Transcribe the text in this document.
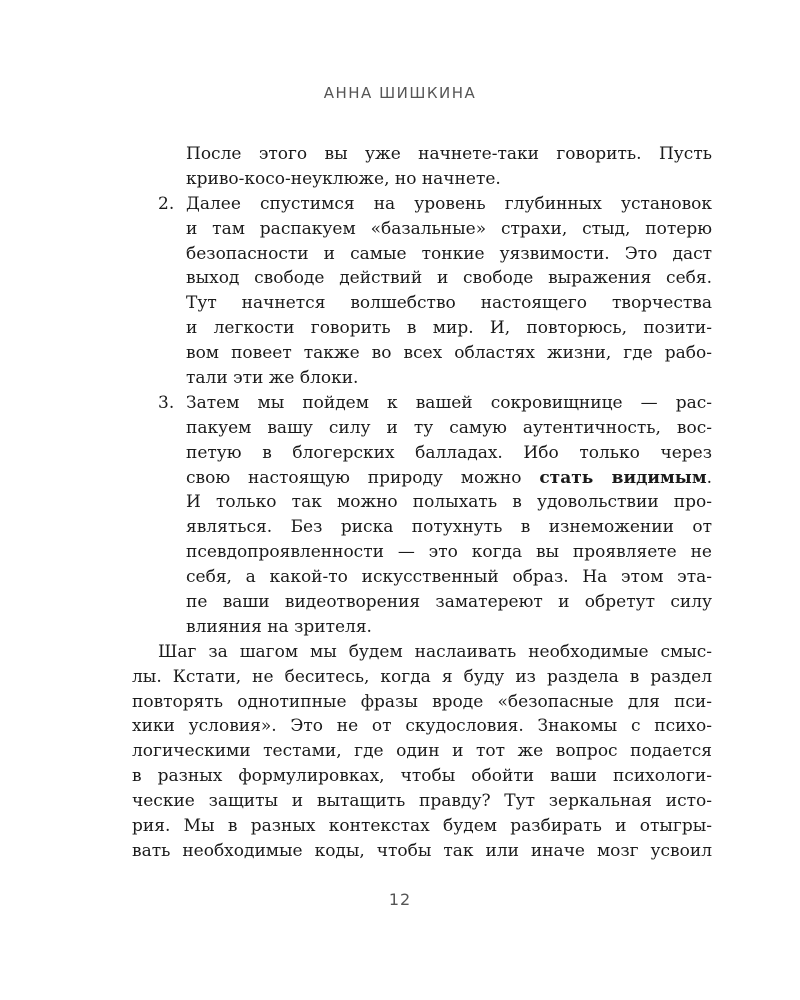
АННА ШИШКИНА
После этого вы уже начнете-таки говорить. Пусть
криво-косо-неуклюже, но начнете.
2. Далее спустимся на уровень глубинных установок
и там распакуем «базальные» страхи, стыд, потерю
безопасности и самые тонкие уязвимости. Это даст
выход свободе действий и свободе выражения себя.
Тут начнется волшебство настоящего творчества
и легкости говорить в мир. И, повторюсь, позити-
вом повеет также во всех областях жизни, где рабо-
тали эти же блоки.
3. Затем мы пойдем к вашей сокровищнице — рас-
пакуем вашу силу и ту самую аутентичность, вос-
петую в блогерских балладах. Ибо только через
свою настоящую природу можно стать видимым.
И только так можно полыхать в удовольствии про-
являться. Без риска потухнуть в изнеможении от
псевдопроявленности — это когда вы проявляете не
себя, а какой-то искусственный образ. На этом эта-
пе ваши видеотворения заматереют и обретут силу
влияния на зрителя.
Шаг за шагом мы будем наслаивать необходимые смыс-
лы. Кстати, не беситесь, когда я буду из раздела в раздел
повторять однотипные фразы вроде «безопасные для пси-
хики условия». Это не от скудословия. Знакомы с психо-
логическими тестами, где один и тот же вопрос подается
в разных формулировках, чтобы обойти ваши психологи-
ческие защиты и вытащить правду? Тут зеркальная исто-
рия. Мы в разных контекстах будем разбирать и отыгры-
вать необходимые коды, чтобы так или иначе мозг усвоил
12
